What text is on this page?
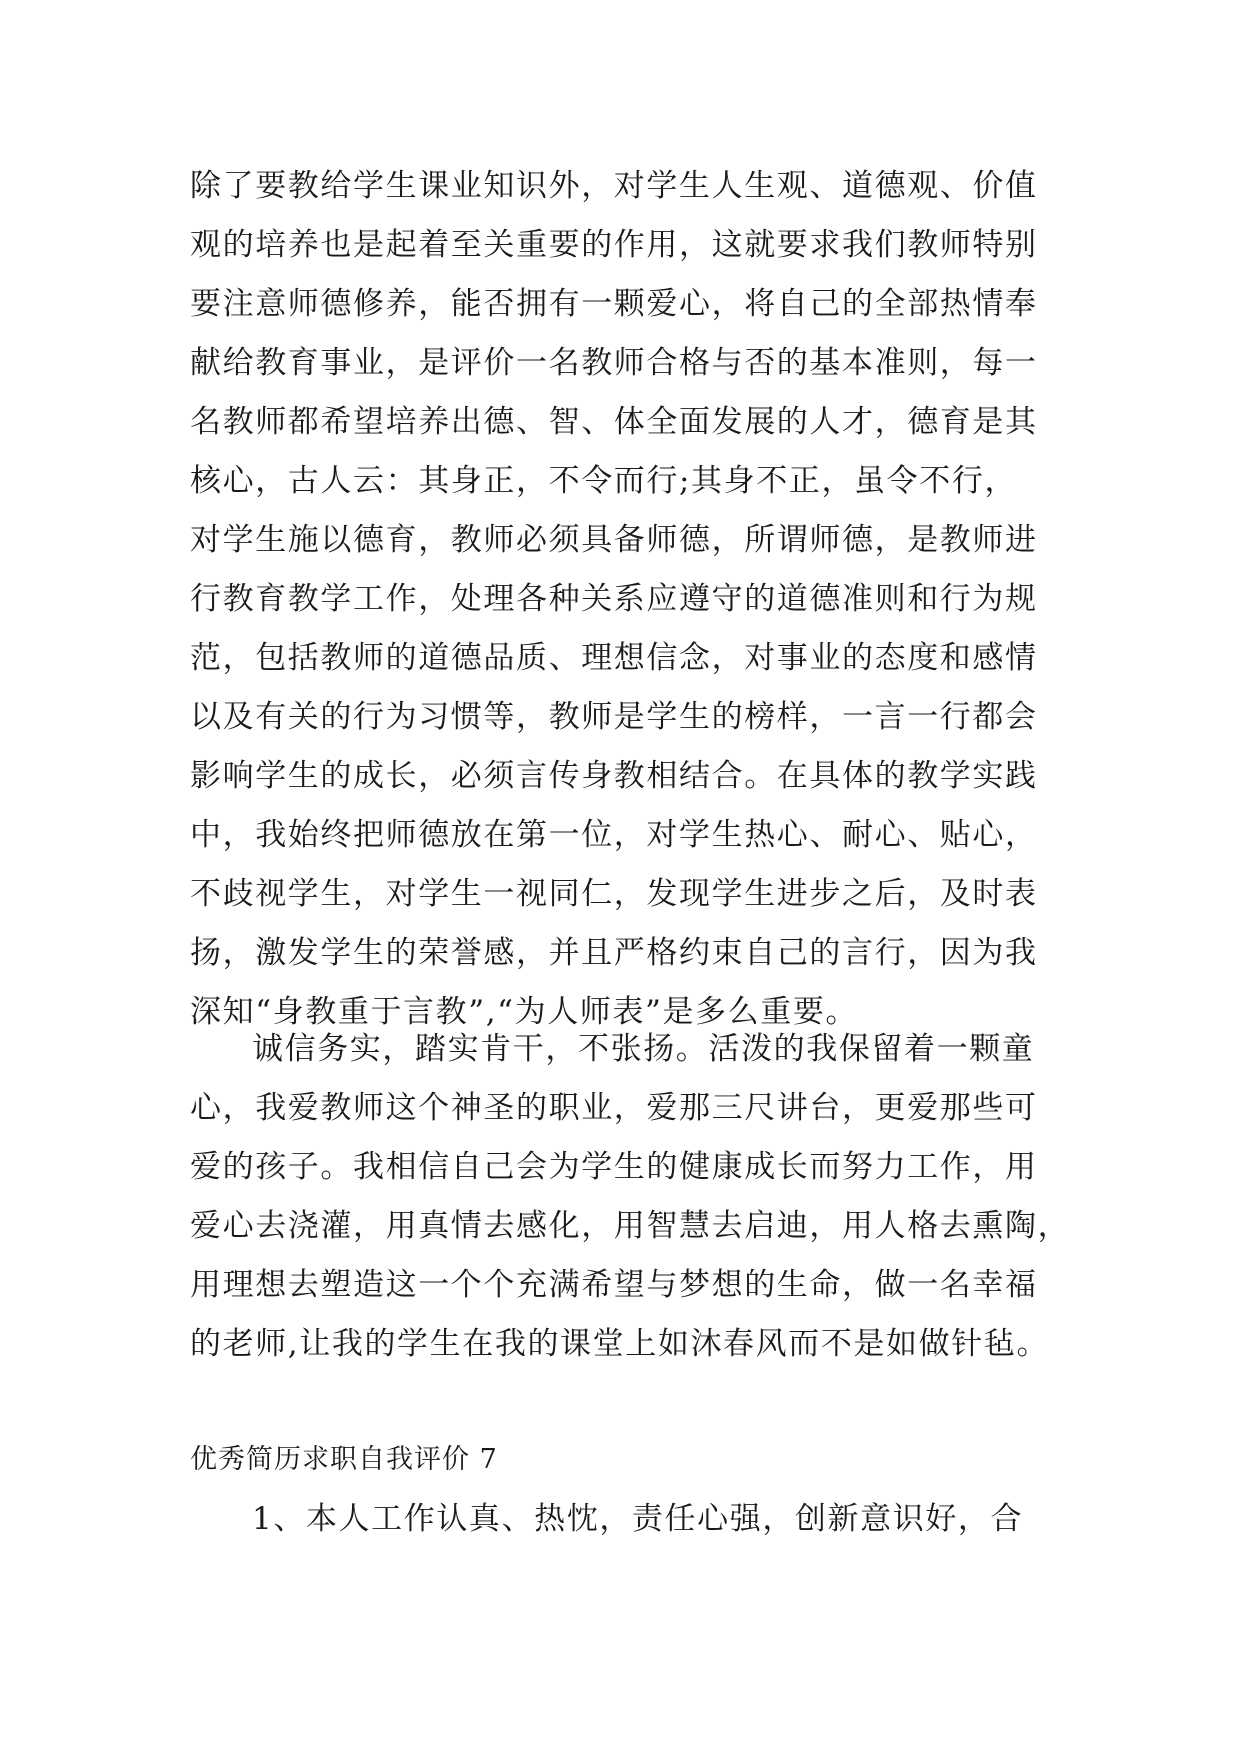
除了要教给学生课业知识外，对学生人生观、道德观、价值
观的培养也是起着至关重要的作用，这就要求我们教师特别
要注意师德修养，能否拥有一颗爱心，将自己的全部热情奉
献给教育事业，是评价一名教师合格与否的基本准则，每一
名教师都希望培养出德、智、体全面发展的人才，德育是其
核心，古人云：其身正，不令而行;其身不正，虽令不行，
对学生施以德育，教师必须具备师德，所谓师德，是教师进
行教育教学工作，处理各种关系应遵守的道德准则和行为规
范，包括教师的道德品质、理想信念，对事业的态度和感情
以及有关的行为习惯等，教师是学生的榜样，一言一行都会
影响学生的成长，必须言传身教相结合。在具体的教学实践
中，我始终把师德放在第一位，对学生热心、耐心、贴心，
不歧视学生，对学生一视同仁，发现学生进步之后，及时表
扬，激发学生的荣誉感，并且严格约束自己的言行，因为我
深知“身教重于言教”,“为人师表”是多么重要。
诚信务实，踏实肯干，不张扬。活泼的我保留着一颗童
心，我爱教师这个神圣的职业，爱那三尺讲台，更爱那些可
爱的孩子。我相信自己会为学生的健康成长而努力工作，用
爱心去浇灌，用真情去感化，用智慧去启迪，用人格去熏陶，
用理想去塑造这一个个充满希望与梦想的生命，做一名幸福
的老师,让我的学生在我的课堂上如沐春风而不是如做针毡。
优秀简历求职自我评价 7
1、本人工作认真、热忱，责任心强，创新意识好，合
